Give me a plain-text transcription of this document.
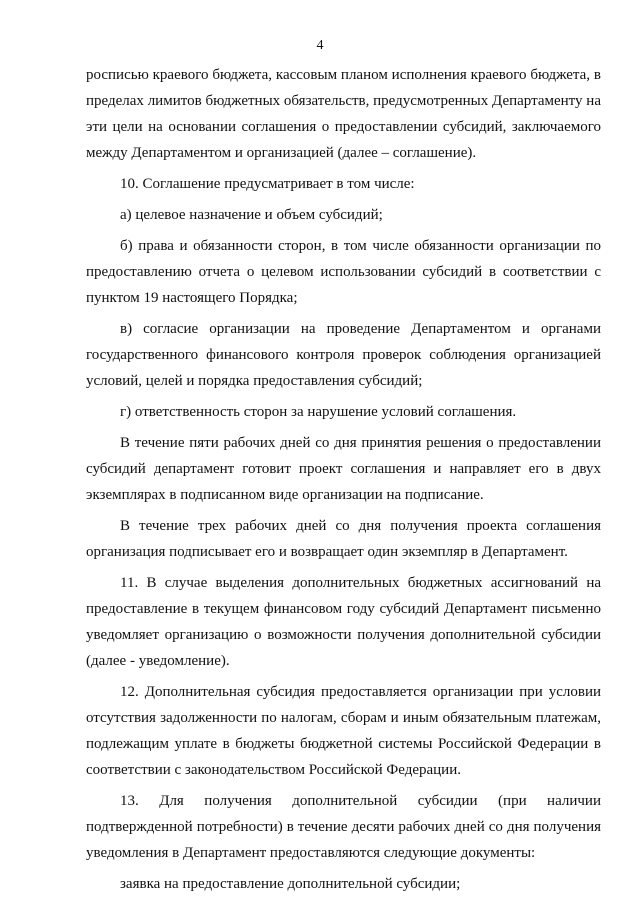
4

росписью краевого бюджета, кассовым планом исполнения краевого бюджета, в пределах лимитов бюджетных обязательств, предусмотренных Департаменту на эти цели на основании соглашения о предоставлении субсидий, заключаемого между Департаментом и организацией (далее – соглашение).

10. Соглашение предусматривает в том числе:

а) целевое назначение и объем субсидий;

б) права и обязанности сторон, в том числе обязанности организации по предоставлению отчета о целевом использовании субсидий в соответствии с пунктом 19 настоящего Порядка;

в) согласие организации на проведение Департаментом и органами государственного финансового контроля проверок соблюдения организацией условий, целей и порядка предоставления субсидий;

г) ответственность сторон за нарушение условий соглашения.

В течение пяти рабочих дней со дня принятия решения о предоставлении субсидий департамент готовит проект соглашения и направляет его в двух экземплярах в подписанном виде организации на подписание.

В течение трех рабочих дней со дня получения проекта соглашения организация подписывает его и возвращает один экземпляр в Департамент.

11. В случае выделения дополнительных бюджетных ассигнований на предоставление в текущем финансовом году субсидий Департамент письменно уведомляет организацию о возможности получения дополнительной субсидии (далее - уведомление).

12. Дополнительная субсидия предоставляется организации при условии отсутствия задолженности по налогам, сборам и иным обязательным платежам, подлежащим уплате в бюджеты бюджетной системы Российской Федерации в соответствии с законодательством Российской Федерации.

13. Для получения дополнительной субсидии (при наличии подтвержденной потребности) в течение десяти рабочих дней со дня получения уведомления в Департамент предоставляются следующие документы:

заявка на предоставление дополнительной субсидии;
